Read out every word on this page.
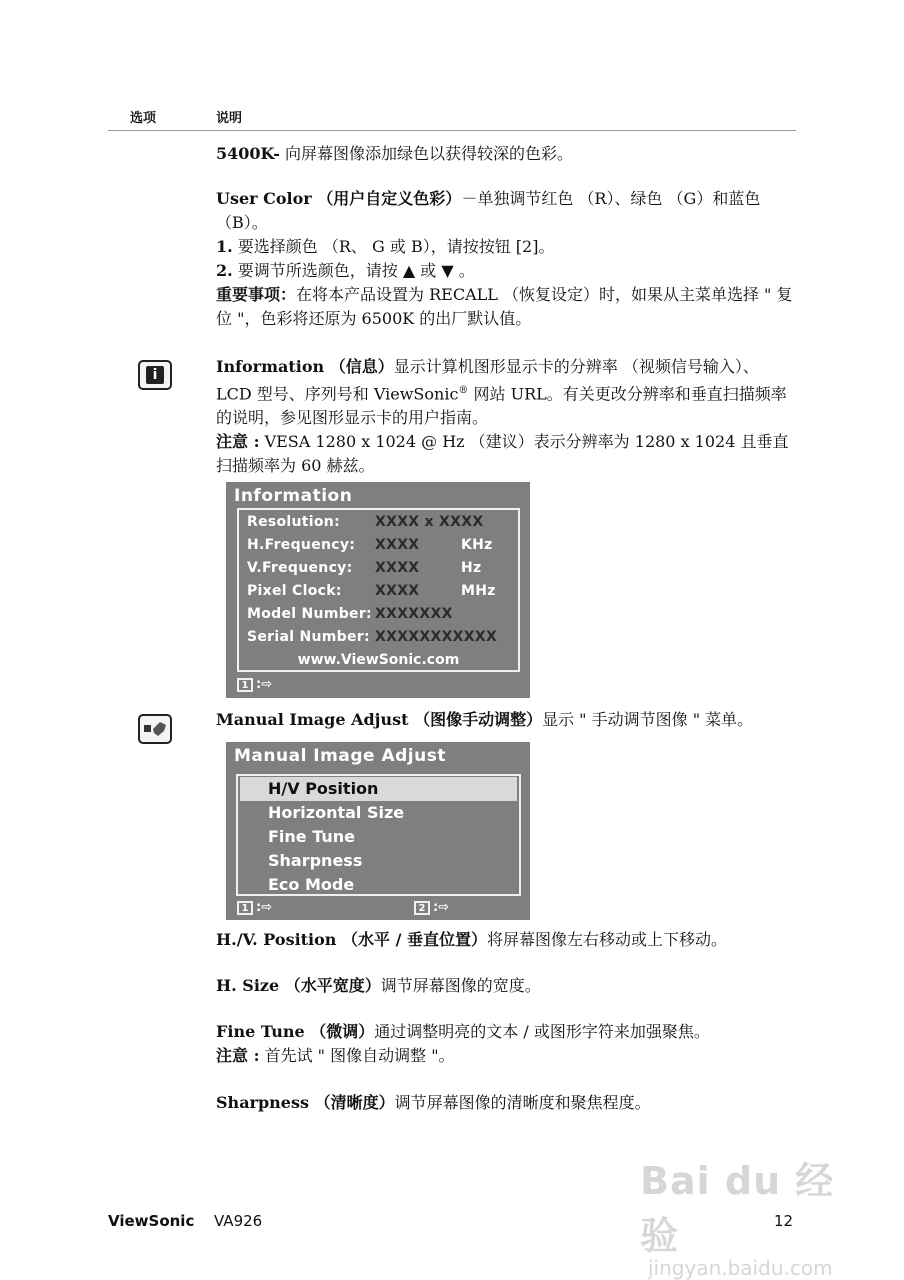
选项	说明

5400K- 向屏幕图像添加绿色以获得较深的色彩。

User Color （用户自定义色彩）－单独调节红色 （R）、绿色 （G）和蓝色 （B）。

1. 要选择颜色 （R、 G 或 B），请按按钮 [2]。

2. 要调节所选颜色，请按 ▲ 或 ▼ 。

重要事项：在将本产品设置为 RECALL （恢复设定）时，如果从主菜单选择 " 复位 "，色彩将还原为 6500K 的出厂默认值。

i	Information （信息）显示计算机图形显示卡的分辨率 （视频信号输入）、 LCD 型号、序列号和 ViewSonic® 网站 URL。有关更改分辨率和垂直扫描频率的说明，参见图形显示卡的用户指南。

注意 : VESA 1280 x 1024 @ Hz （建议）表示分辨率为 1280 x 1024 且垂直扫描频率为 60 赫兹。

Information
Resolution:	XXXX x XXXX
H.Frequency: XXXX	KHz
V.Frequency: XXXX	Hz
Pixel Clock: XXXX	MHz
Model Number: XXXXXXX
Serial Number: XXXXXXXXXXX
www.ViewSonic.com
1 :⇨

Manual Image Adjust （图像手动调整）显示 " 手动调节图像 " 菜单。

Manual Image Adjust
H/V Position
Horizontal Size
Fine Tune
Sharpness
Eco Mode
1 :⇨	2 :⇨

H./V. Position （水平 / 垂直位置）将屏幕图像左右移动或上下移动。

H. Size （水平宽度）调节屏幕图像的宽度。

Fine Tune （微调）通过调整明亮的文本 / 或图形字符来加强聚焦。

注意 : 首先试 " 图像自动调整 "。

Sharpness （清晰度）调节屏幕图像的清晰度和聚焦程度。

Bai du 经验
jingyan.baidu.com
ViewSonic VA926	12
